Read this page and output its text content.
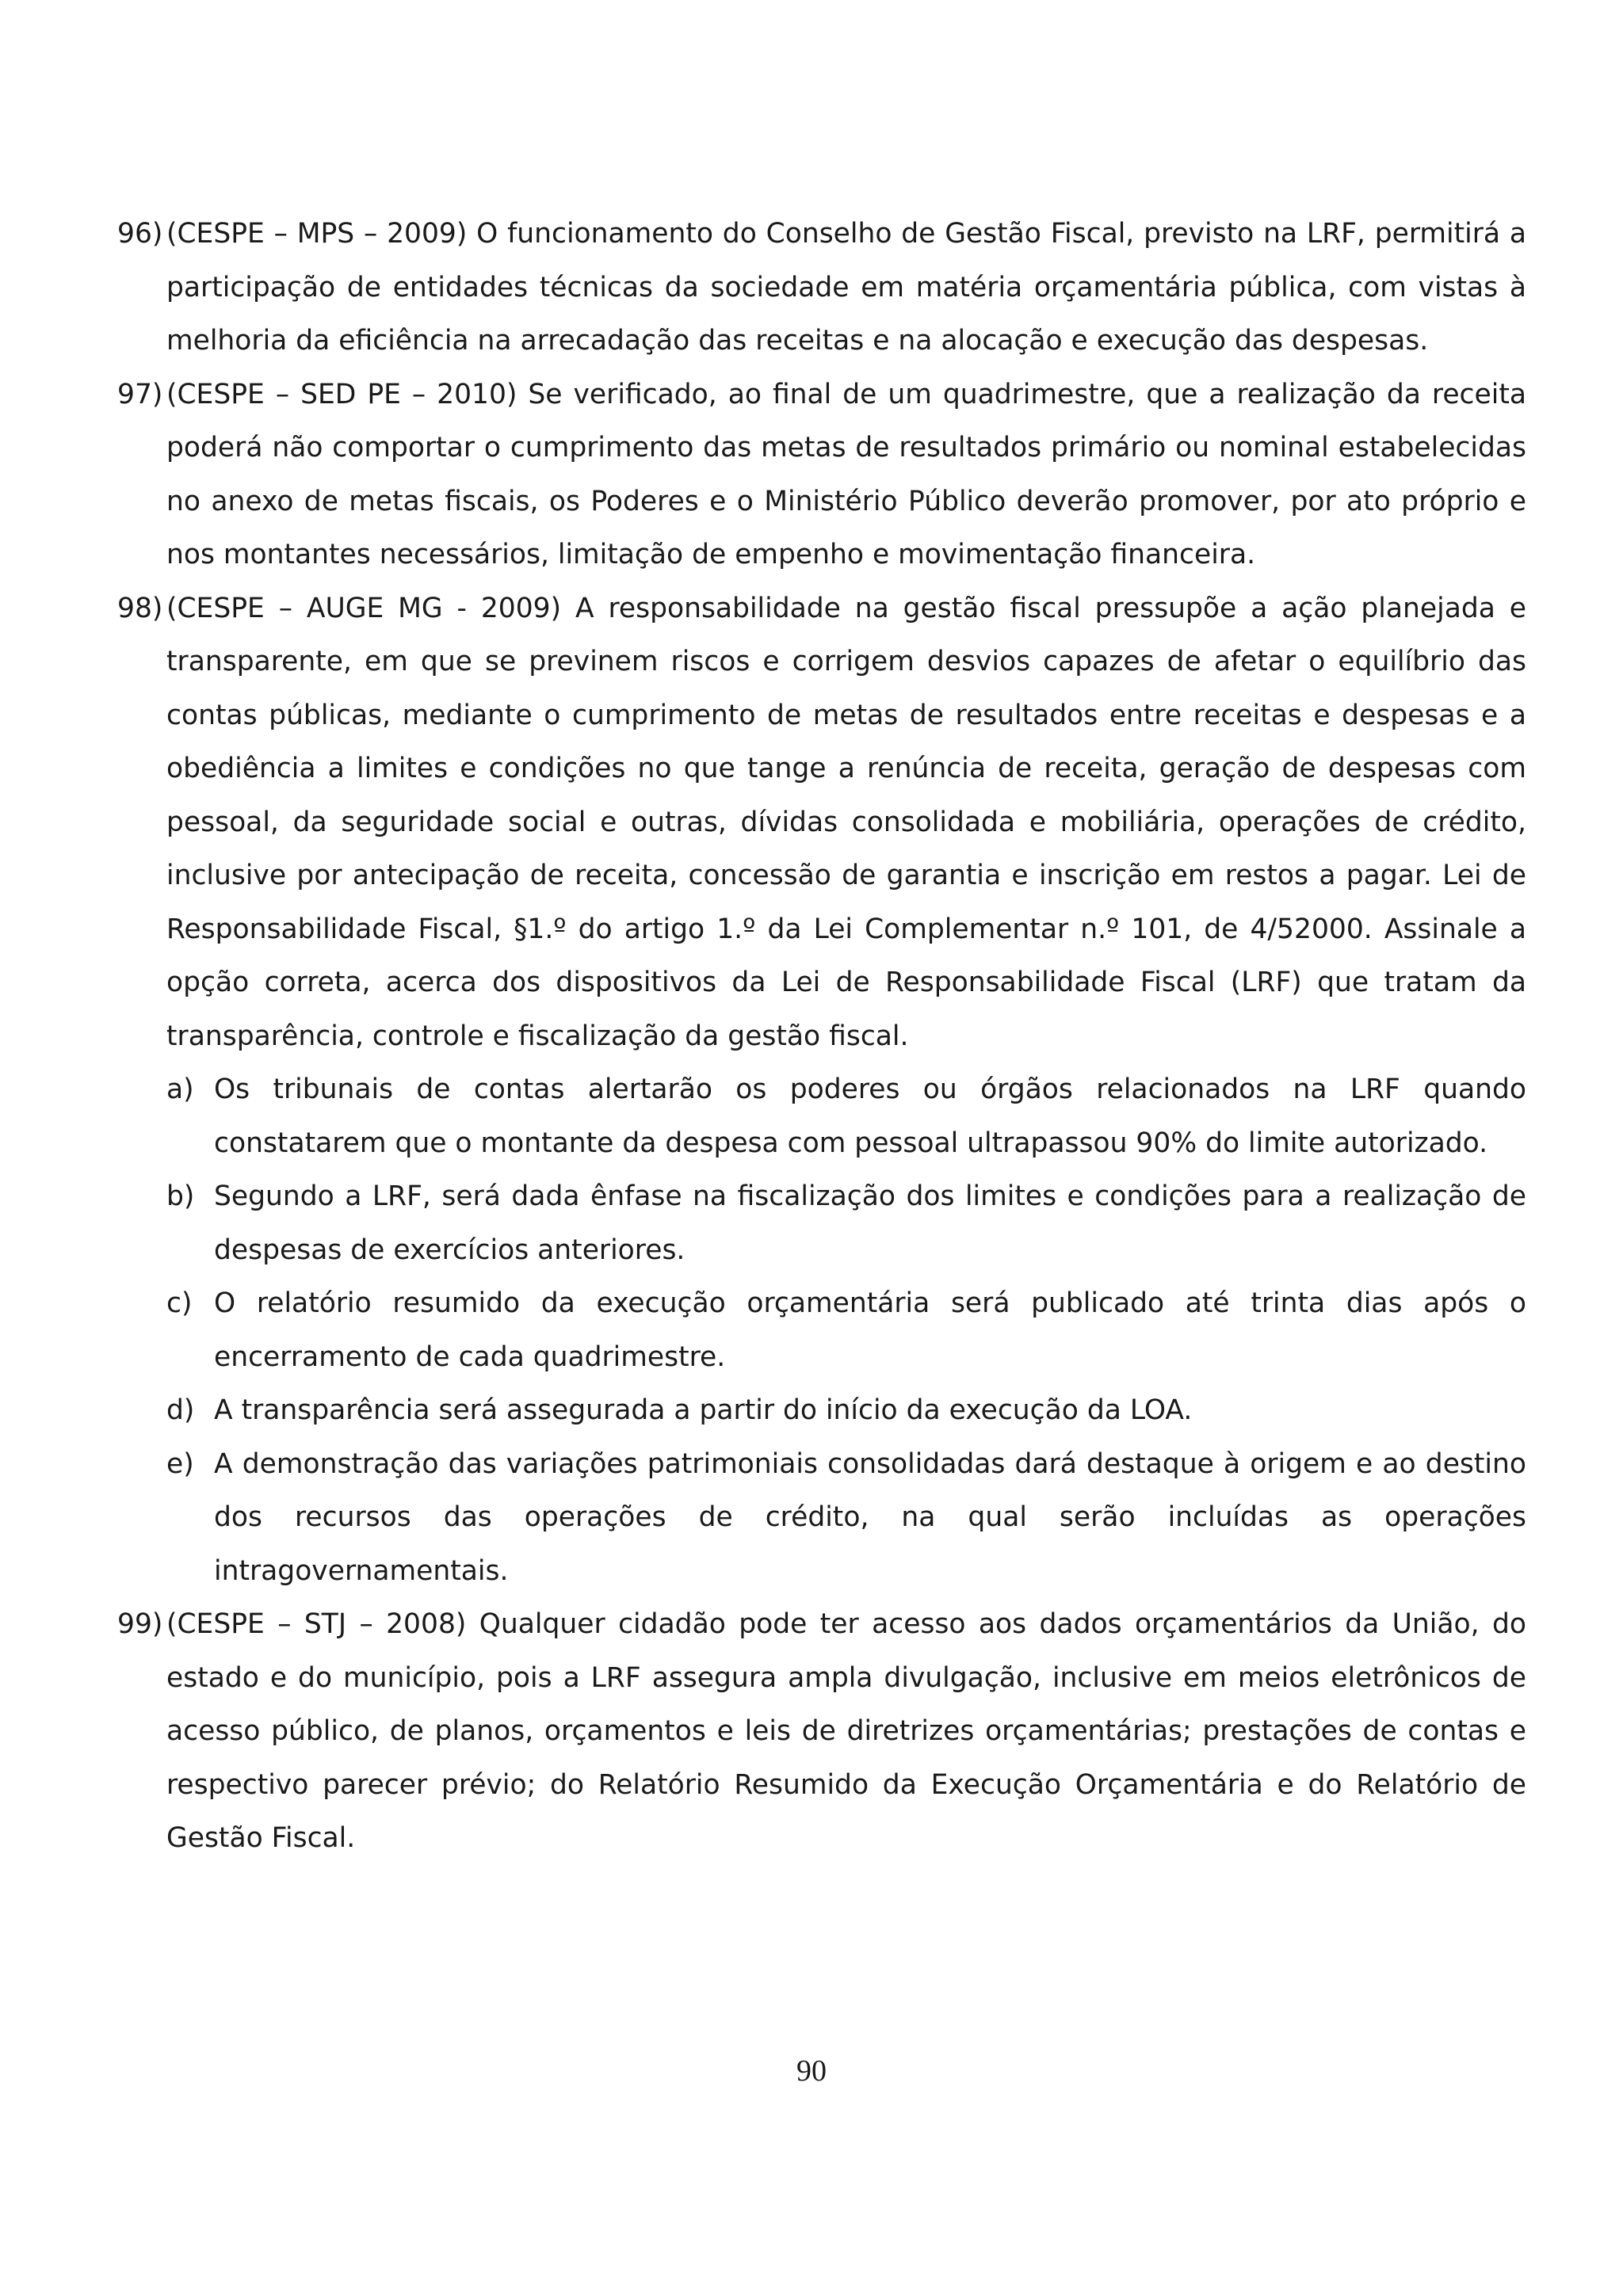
96) (CESPE – MPS – 2009) O funcionamento do Conselho de Gestão Fiscal, previsto na LRF, permitirá a participação de entidades técnicas da sociedade em matéria orçamentária pública, com vistas à melhoria da eficiência na arrecadação das receitas e na alocação e execução das despesas.
97) (CESPE – SED PE – 2010) Se verificado, ao final de um quadrimestre, que a realização da receita poderá não comportar o cumprimento das metas de resultados primário ou nominal estabelecidas no anexo de metas fiscais, os Poderes e o Ministério Público deverão promover, por ato próprio e nos montantes necessários, limitação de empenho e movimentação financeira.
98) (CESPE – AUGE MG - 2009) A responsabilidade na gestão fiscal pressupõe a ação planejada e transparente, em que se previnem riscos e corrigem desvios capazes de afetar o equilíbrio das contas públicas, mediante o cumprimento de metas de resultados entre receitas e despesas e a obediência a limites e condições no que tange a renúncia de receita, geração de despesas com pessoal, da seguridade social e outras, dívidas consolidada e mobiliária, operações de crédito, inclusive por antecipação de receita, concessão de garantia e inscrição em restos a pagar. Lei de Responsabilidade Fiscal, §1.º do artigo 1.º da Lei Complementar n.º 101, de 4/52000. Assinale a opção correta, acerca dos dispositivos da Lei de Responsabilidade Fiscal (LRF) que tratam da transparência, controle e fiscalização da gestão fiscal.
a) Os tribunais de contas alertarão os poderes ou órgãos relacionados na LRF quando constatarem que o montante da despesa com pessoal ultrapassou 90% do limite autorizado.
b) Segundo a LRF, será dada ênfase na fiscalização dos limites e condições para a realização de despesas de exercícios anteriores.
c) O relatório resumido da execução orçamentária será publicado até trinta dias após o encerramento de cada quadrimestre.
d) A transparência será assegurada a partir do início da execução da LOA.
e) A demonstração das variações patrimoniais consolidadas dará destaque à origem e ao destino dos recursos das operações de crédito, na qual serão incluídas as operações intragovernamentais.
99) (CESPE – STJ – 2008) Qualquer cidadão pode ter acesso aos dados orçamentários da União, do estado e do município, pois a LRF assegura ampla divulgação, inclusive em meios eletrônicos de acesso público, de planos, orçamentos e leis de diretrizes orçamentárias; prestações de contas e respectivo parecer prévio; do Relatório Resumido da Execução Orçamentária e do Relatório de Gestão Fiscal.
90
